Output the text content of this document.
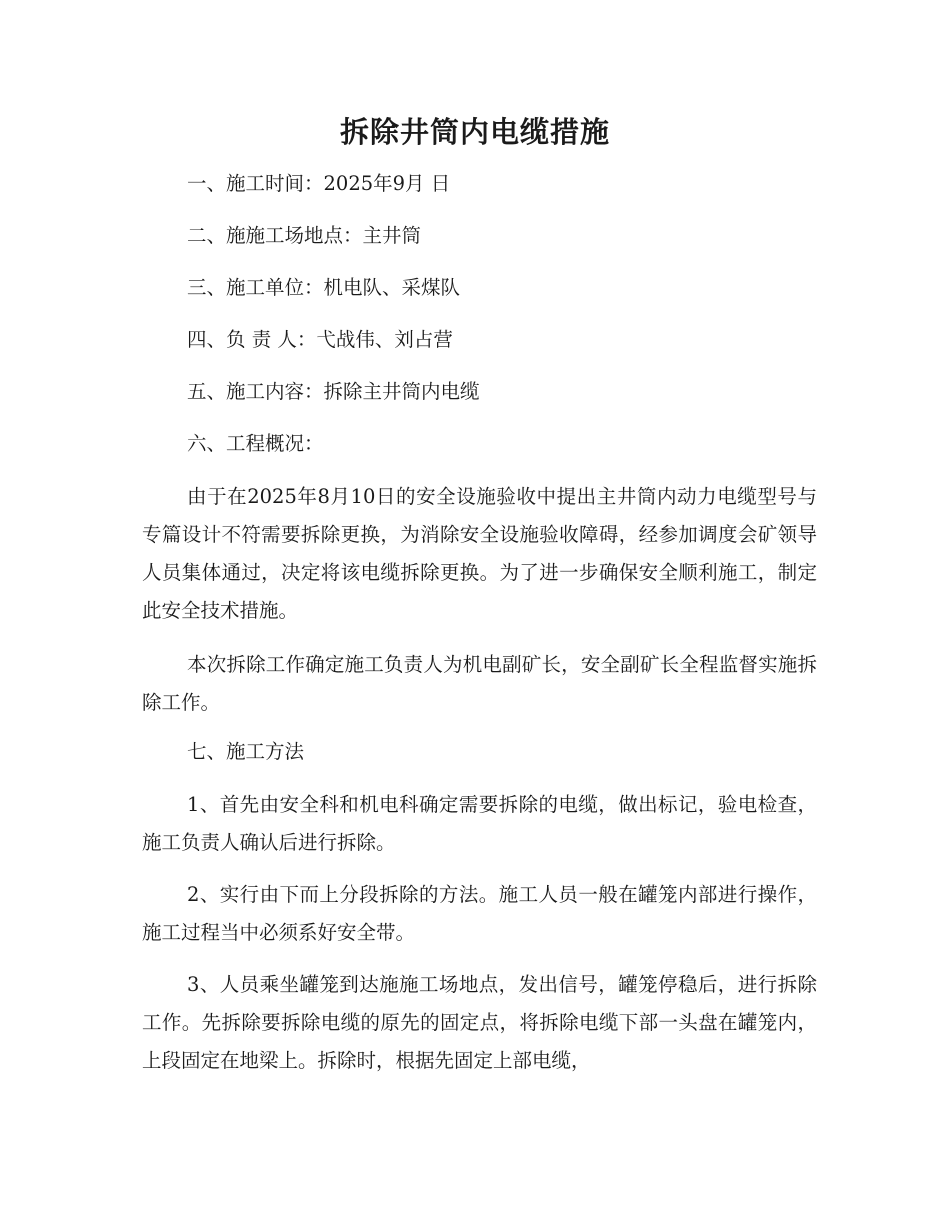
拆除井筒内电缆措施
一、施工时间：2025年9月 日
二、施施工场地点：主井筒
三、施工单位：机电队、采煤队
四、负 责 人：弋战伟、刘占营
五、施工内容：拆除主井筒内电缆
六、工程概况：
由于在2025年8月10日的安全设施验收中提出主井筒内动力电缆型号与专篇设计不符需要拆除更换，为消除安全设施验收障碍，经参加调度会矿领导人员集体通过，决定将该电缆拆除更换。为了进一步确保安全顺利施工，制定此安全技术措施。
本次拆除工作确定施工负责人为机电副矿长，安全副矿长全程监督实施拆除工作。
七、施工方法
1、首先由安全科和机电科确定需要拆除的电缆，做出标记，验电检查，施工负责人确认后进行拆除。
2、实行由下而上分段拆除的方法。施工人员一般在罐笼内部进行操作，施工过程当中必须系好安全带。
3、人员乘坐罐笼到达施施工场地点，发出信号，罐笼停稳后，进行拆除工作。先拆除要拆除电缆的原先的固定点，将拆除电缆下部一头盘在罐笼内，上段固定在地梁上。拆除时，根据先固定上部电缆，
